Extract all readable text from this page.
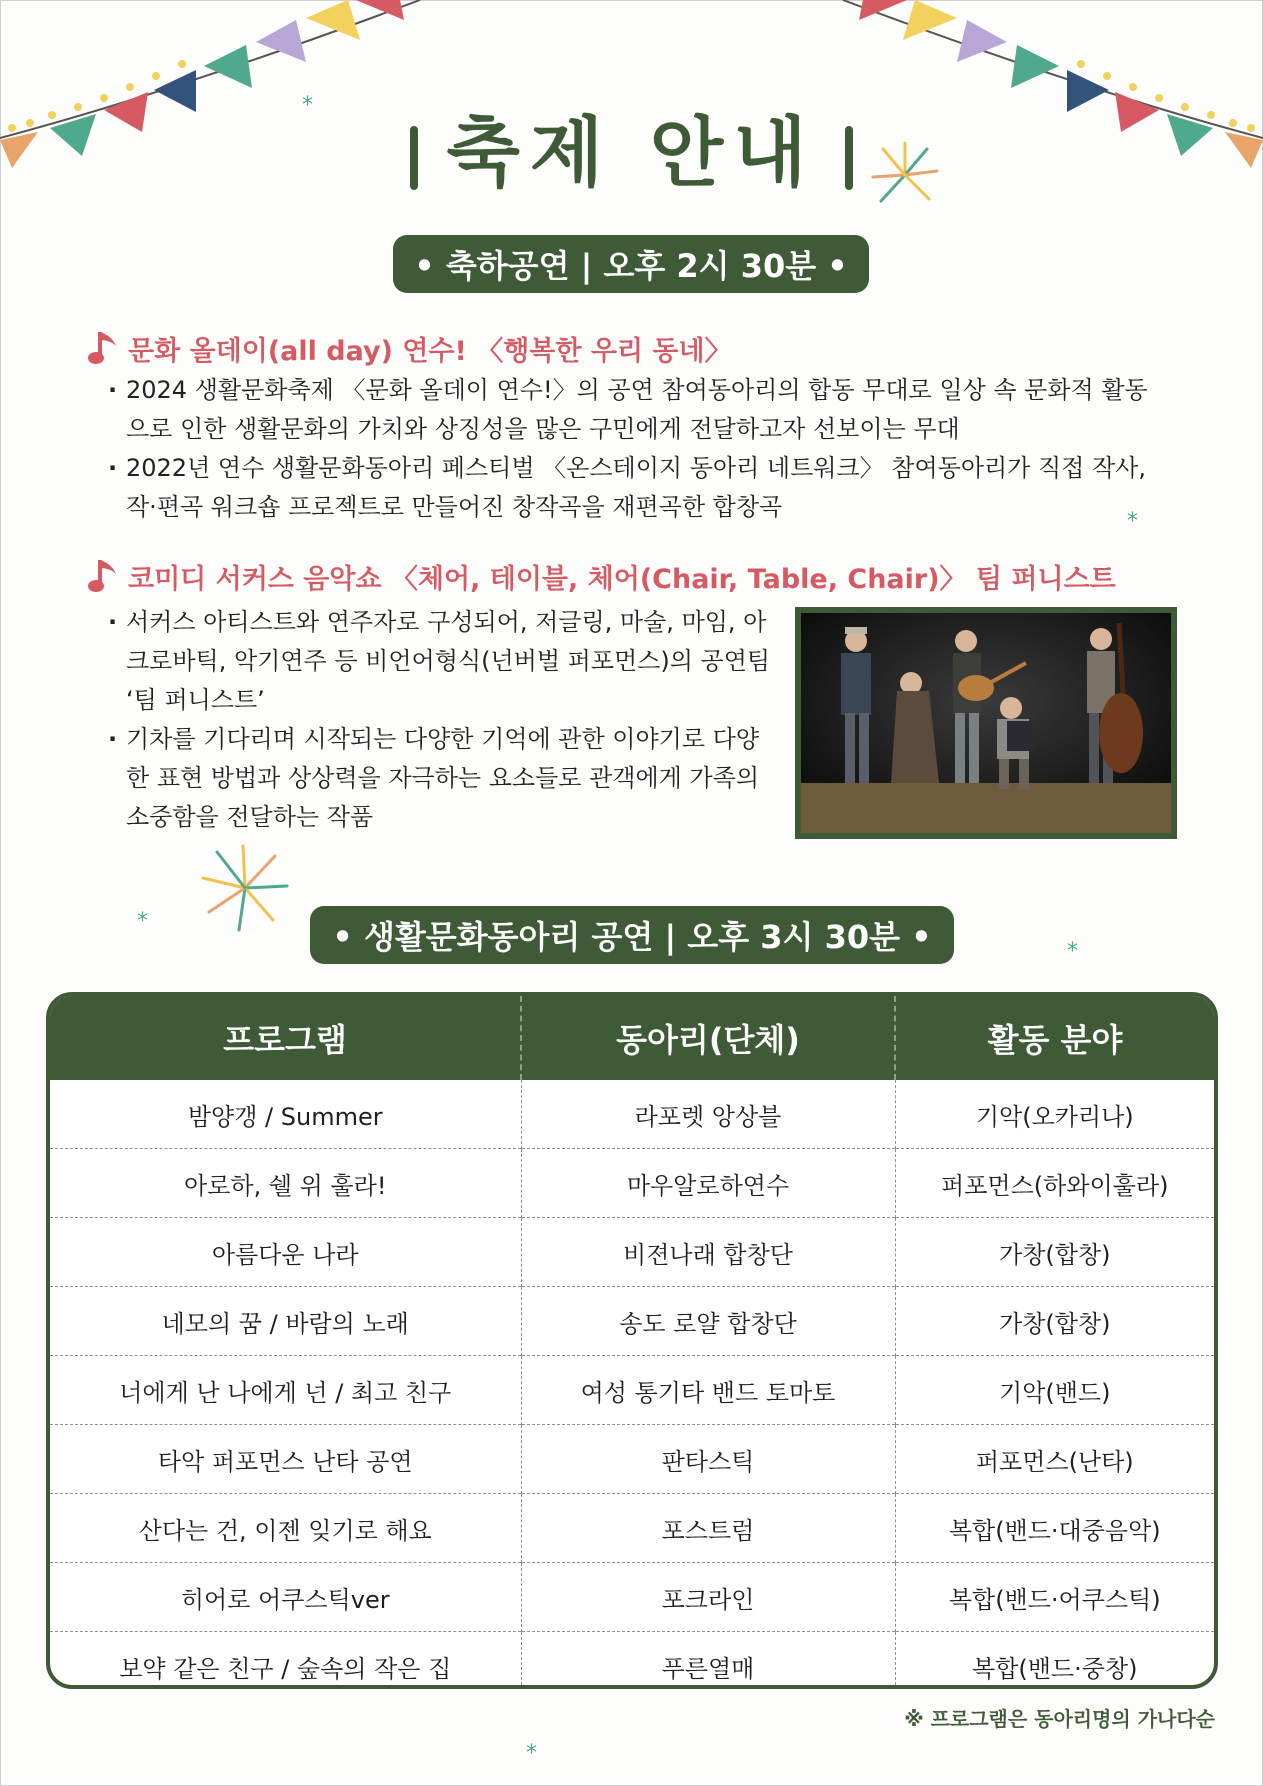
축제 안내
*
*
*
*
*
• 축하공연 | 오후 2시 30분 •
문화 올데이(all day) 연수! 〈행복한 우리 동네〉
· 2024 생활문화축제 〈문화 올데이 연수!〉의 공연 참여동아리의 합동 무대로 일상 속 문화적 활동으로 인한 생활문화의 가치와 상징성을 많은 구민에게 전달하고자 선보이는 무대
· 2022년 연수 생활문화동아리 페스티벌 〈온스테이지 동아리 네트워크〉 참여동아리가 직접 작사, 작·편곡 워크숍 프로젝트로 만들어진 창작곡을 재편곡한 합창곡
코미디 서커스 음악쇼 〈체어, 테이블, 체어(Chair, Table, Chair)〉 팀 퍼니스트
· 서커스 아티스트와 연주자로 구성되어, 저글링, 마술, 마임, 아크로바틱, 악기연주 등 비언어형식(넌버벌 퍼포먼스)의 공연팀 ‘팀 퍼니스트’
· 기차를 기다리며 시작되는 다양한 기억에 관한 이야기로 다양한 표현 방법과 상상력을 자극하는 요소들로 관객에게 가족의 소중함을 전달하는 작품
• 생활문화동아리 공연 | 오후 3시 30분 •
프로그램	동아리(단체)	활동 분야
밤양갱 / Summer	라포렛 앙상블	기악(오카리나)
아로하, 쉘 위 훌라!	마우알로하연수	퍼포먼스(하와이훌라)
아름다운 나라	비젼나래 합창단	가창(합창)
네모의 꿈 / 바람의 노래	송도 로얄 합창단	가창(합창)
너에게 난 나에게 넌 / 최고 친구	여성 통기타 밴드 토마토	기악(밴드)
타악 퍼포먼스 난타 공연	판타스틱	퍼포먼스(난타)
산다는 건, 이젠 잊기로 해요	포스트럼	복합(밴드·대중음악)
히어로 어쿠스틱ver	포크라인	복합(밴드·어쿠스틱)
보약 같은 친구 / 숲속의 작은 집	푸른열매	복합(밴드·중창)
※ 프로그램은 동아리명의 가나다순
